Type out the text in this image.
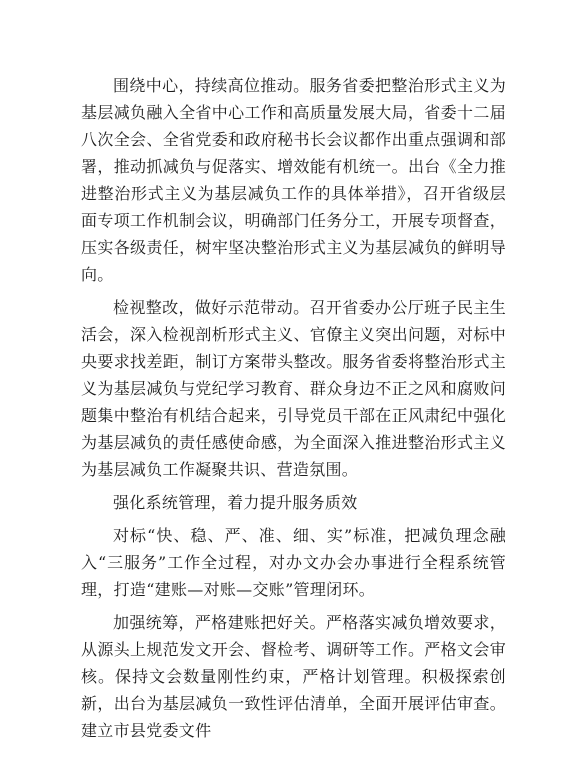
围绕中心，持续高位推动。服务省委把整治形式主义为基层减负融入全省中心工作和高质量发展大局，省委十二届八次全会、全省党委和政府秘书长会议都作出重点强调和部署，推动抓减负与促落实、增效能有机统一。出台《全力推进整治形式主义为基层减负工作的具体举措》，召开省级层面专项工作机制会议，明确部门任务分工，开展专项督查，压实各级责任，树牢坚决整治形式主义为基层减负的鲜明导向。

检视整改，做好示范带动。召开省委办公厅班子民主生活会，深入检视剖析形式主义、官僚主义突出问题，对标中央要求找差距，制订方案带头整改。服务省委将整治形式主义为基层减负与党纪学习教育、群众身边不正之风和腐败问题集中整治有机结合起来，引导党员干部在正风肃纪中强化为基层减负的责任感使命感，为全面深入推进整治形式主义为基层减负工作凝聚共识、营造氛围。

强化系统管理，着力提升服务质效

对标“快、稳、严、准、细、实”标准，把减负理念融入“三服务”工作全过程，对办文办会办事进行全程系统管理，打造“建账—对账—交账”管理闭环。

加强统筹，严格建账把好关。严格落实减负增效要求，从源头上规范发文开会、督检考、调研等工作。严格文会审核。保持文会数量刚性约束，严格计划管理。积极探索创新，出台为基层减负一致性评估清单，全面开展评估审查。建立市县党委文件
